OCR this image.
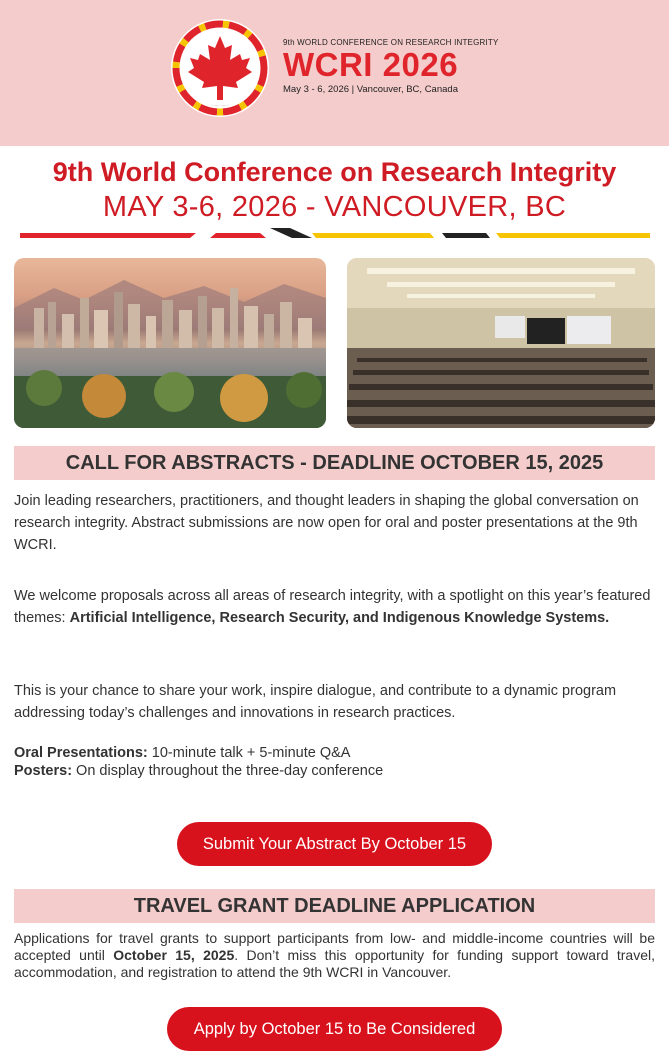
9th WORLD CONFERENCE ON RESEARCH INTEGRITY
WCRI 2026
May 3 - 6, 2026 | Vancouver, BC, Canada
9th World Conference on Research Integrity
MAY 3-6, 2026 - VANCOUVER, BC
CALL FOR ABSTRACTS - DEADLINE OCTOBER 15, 2025

Join leading researchers, practitioners, and thought leaders in shaping the global conversation on research integrity. Abstract submissions are now open for oral and poster presentations at the 9th WCRI.

We welcome proposals across all areas of research integrity, with a spotlight on this year’s featured themes: Artificial Intelligence, Research Security, and Indigenous Knowledge Systems.

This is your chance to share your work, inspire dialogue, and contribute to a dynamic program addressing today’s challenges and innovations in research practices.

Oral Presentations: 10-minute talk + 5-minute Q&A
Posters: On display throughout the three-day conference
Submit Your Abstract By October 15
TRAVEL GRANT DEADLINE APPLICATION

Applications for travel grants to support participants from low- and middle-income countries will be accepted until October 15, 2025. Don’t miss this opportunity for funding support toward travel, accommodation, and registration to attend the 9th WCRI in Vancouver.

Apply by October 15 to Be Considered
